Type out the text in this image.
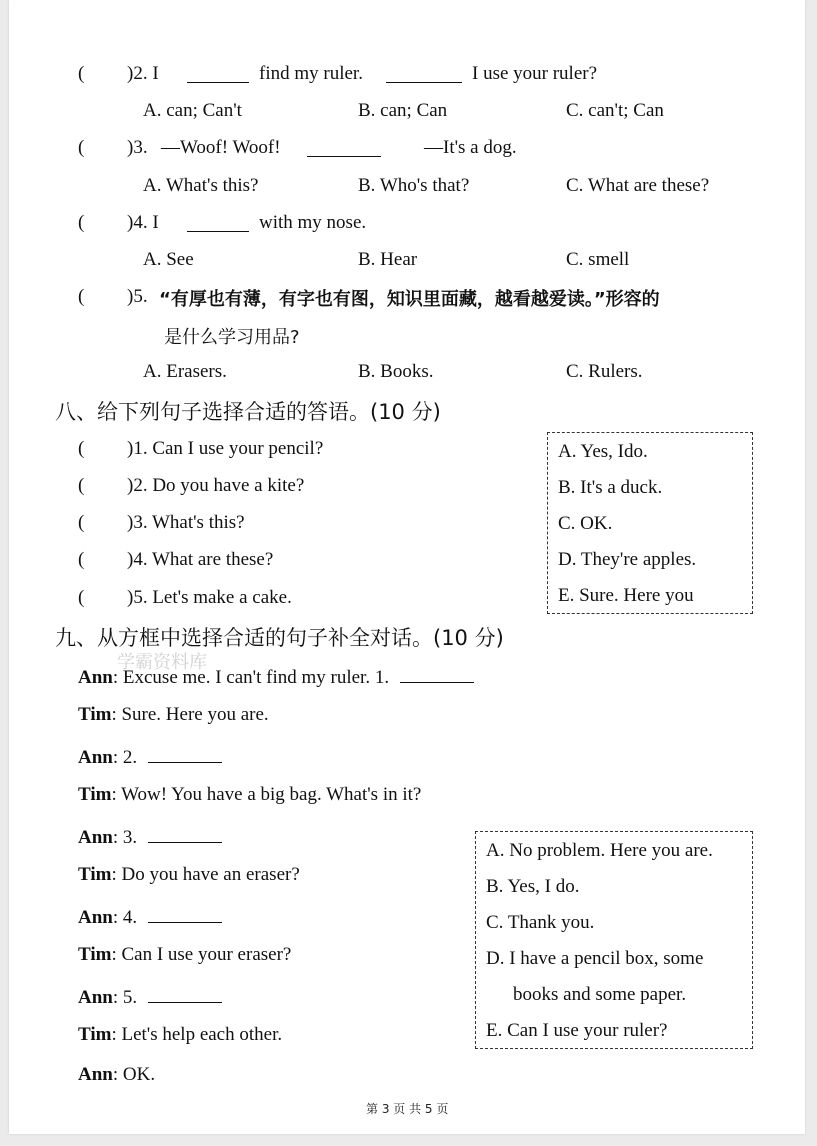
( )2. I	find my ruler.	I use your ruler?
A. can; Can't	B. can; Can	C. can't; Can
( )3. —Woof! Woof!	—It's a dog.
A. What's this?	B. Who's that?	C. What are these?
( )4. I	with my nose.
A. See	B. Hear	C. smell
( )5. “有厚也有薄，有字也有图，知识里面藏，越看越爱读。”形容的
是什么学习用品?
A. Erasers.	B. Books.	C. Rulers.
八、给下列句子选择合适的答语。(10 分)
( )1. Can I use your pencil?
( )2. Do you have a kite?
( )3. What's this?
( )4. What are these?
( )5. Let's make a cake.
A. Yes, Ido.
B. It's a duck.
C. OK.
D. They're apples.
E. Sure. Here you
九、从方框中选择合适的句子补全对话。(10 分)
学霸资料库
Ann: Excuse me. I can't find my ruler. 1.
Tim: Sure. Here you are.
Ann: 2.
Tim: Wow! You have a big bag. What's in it?
Ann: 3.
Tim: Do you have an eraser?
Ann: 4.
Tim: Can I use your eraser?
Ann: 5.
Tim: Let's help each other.
Ann: OK.
A. No problem. Here you are.
B. Yes, I do.
C. Thank you.
D. I have a pencil box, some
books and some paper.
E. Can I use your ruler?
第 3 页 共 5 页
